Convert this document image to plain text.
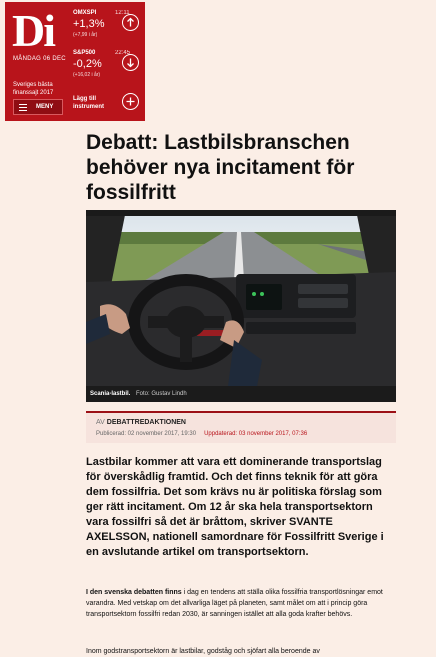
Di
MÅNDAG 06 DEC
Sveriges bästa
finanssajt 2017
MENY
OMXSPI	12:11
+1,3%
(+7,99 i år)
S&P500	22:45
-0,2%
(+16,02 i år)
Lägg till
instrument
Debatt: Lastbilsbranschen behöver nya incitament för fossilfritt
Scania-lastbil. Foto: Gustav Lindh
AV DEBATTREDAKTIONEN
Publicerad: 02 november 2017, 19:30 Uppdaterad: 03 november 2017, 07:36

Lastbilar kommer att vara ett dominerande transportslag för överskådlig framtid. Och det finns teknik för att göra dem fossilfria. Det som krävs nu är politiska förslag som ger rätt incitament. Om 12 år ska hela transportsektorn vara fossilfri så det är bråttom, skriver SVANTE AXELSSON, nationell samordnare för Fossilfritt Sverige i en avslutande artikel om transportsektorn.

I den svenska debatten finns i dag en tendens att ställa olika fossilfria transportlösningar emot varandra. Med vetskap om det allvarliga läget på planeten, samt målet om att i princip göra transportsektorn fossilfri redan 2030, är sanningen istället att alla goda krafter behövs.

Inom godstransportsektorn är lastbilar, godståg och sjöfart alla beroende av
